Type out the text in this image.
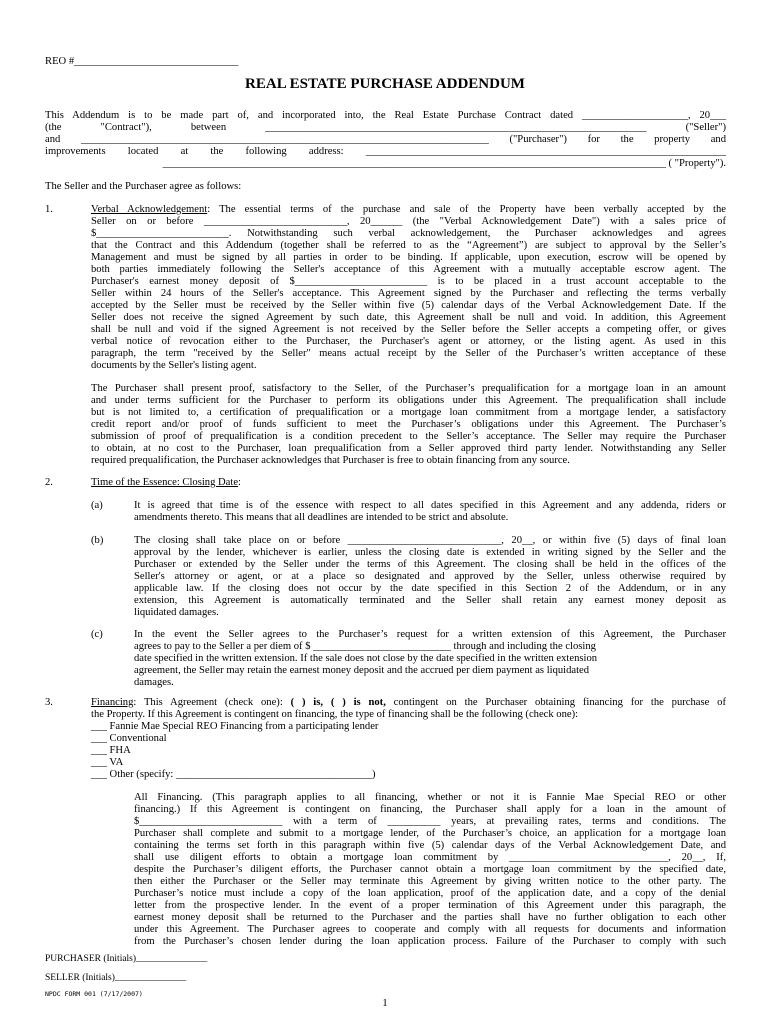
REO #_______________________________
REAL ESTATE PURCHASE ADDENDUM
This Addendum is to be made part of, and incorporated into, the Real Estate Purchase Contract dated ____________________, 20___
(the "Contract"), between ________________________________________________________________________ ("Seller")
and _____________________________________________________________________________ ("Purchaser") for the property and
improvements located at the following address: ____________________________________________________________________
_______________________________________________________________________________________________ ( "Property").
The Seller and the Purchaser agree as follows:
1.	Verbal Acknowledgement: The essential terms of the purchase and sale of the Property have been verbally accepted by the
Seller on or before ___________________________, 20______ (the "Verbal Acknowledgement Date") with a sales price of
$_________________________. Notwithstanding such verbal acknowledgement, the Purchaser acknowledges and agrees
that the Contract and this Addendum (together shall be referred to as the “Agreement”) are subject to approval by the Seller’s
Management and must be signed by all parties in order to be binding. If applicable, upon execution, escrow will be opened by
both parties immediately following the Seller's acceptance of this Agreement with a mutually acceptable escrow agent. The
Purchaser's earnest money deposit of $_________________________ is to be placed in a trust account acceptable to the
Seller within 24 hours of the Seller's acceptance. This Agreement signed by the Purchaser and reflecting the terms verbally
accepted by the Seller must be received by the Seller within five (5) calendar days of the Verbal Acknowledgement Date. If the
Seller does not receive the signed Agreement by such date, this Agreement shall be null and void. In addition, this Agreement
shall be null and void if the signed Agreement is not received by the Seller before the Seller accepts a competing offer, or gives
verbal notice of revocation either to the Purchaser, the Purchaser's agent or attorney, or the listing agent. As used in this
paragraph, the term "received by the Seller" means actual receipt by the Seller of the Purchaser’s written acceptance of these
documents by the Seller's listing agent.
The Purchaser shall present proof, satisfactory to the Seller, of the Purchaser’s prequalification for a mortgage loan in an amount
and under terms sufficient for the Purchaser to perform its obligations under this Agreement. The prequalification shall include
but is not limited to, a certification of prequalification or a mortgage loan commitment from a mortgage lender, a satisfactory
credit report and/or proof of funds sufficient to meet the Purchaser’s obligations under this Agreement. The Purchaser’s
submission of proof of prequalification is a condition precedent to the Seller’s acceptance. The Seller may require the Purchaser
to obtain, at no cost to the Purchaser, loan prequalification from a Seller approved third party lender. Notwithstanding any Seller
required prequalification, the Purchaser acknowledges that Purchaser is free to obtain financing from any source.
2.	Time of the Essence: Closing Date:
(a)	It is agreed that time is of the essence with respect to all dates specified in this Agreement and any addenda, riders or
amendments thereto. This means that all deadlines are intended to be strict and absolute.
(b)	The closing shall take place on or before _____________________________, 20__, or within five (5) days of final loan
approval by the lender, whichever is earlier, unless the closing date is extended in writing signed by the Seller and the
Purchaser or extended by the Seller under the terms of this Agreement. The closing shall be held in the offices of the
Seller's attorney or agent, or at a place so designated and approved by the Seller, unless otherwise required by
applicable law. If the closing does not occur by the date specified in this Section 2 of the Addendum, or in any
extension, this Agreement is automatically terminated and the Seller shall retain any earnest money deposit as
liquidated damages.
(c)	In the event the Seller agrees to the Purchaser’s request for a written extension of this Agreement, the Purchaser
agrees to pay to the Seller a per diem of $ __________________________ through and including the closing
date specified in the written extension. If the sale does not close by the date specified in the written extension
agreement, the Seller may retain the earnest money deposit and the accrued per diem payment as liquidated
damages.
3.	Financing: This Agreement (check one): ( ) is, ( ) is not, contingent on the Purchaser obtaining financing for the purchase of
the Property. If this Agreement is contingent on financing, the type of financing shall be the following (check one):
___ Fannie Mae Special REO Financing from a participating lender
___ Conventional
___ FHA
___ VA
___ Other (specify: _____________________________________)
All Financing. (This paragraph applies to all financing, whether or not it is Fannie Mae Special REO or other
financing.) If this Agreement is contingent on financing, the Purchaser shall apply for a loan in the amount of
$___________________________ with a term of __________ years, at prevailing rates, terms and conditions. The
Purchaser shall complete and submit to a mortgage lender, of the Purchaser’s choice, an application for a mortgage loan
containing the terms set forth in this paragraph within five (5) calendar days of the Verbal Acknowledgement Date, and
shall use diligent efforts to obtain a mortgage loan commitment by ______________________________, 20__, If,
despite the Purchaser’s diligent efforts, the Purchaser cannot obtain a mortgage loan commitment by the specified date,
then either the Purchaser or the Seller may terminate this Agreement by giving written notice to the other party. The
Purchaser’s notice must include a copy of the loan application, proof of the application date, and a copy of the denial
letter from the prospective lender. In the event of a proper termination of this Agreement under this paragraph, the
earnest money deposit shall be returned to the Purchaser and the parties shall have no further obligation to each other
under this Agreement. The Purchaser agrees to cooperate and comply with all requests for documents and information
from the Purchaser’s chosen lender during the loan application process. Failure of the Purchaser to comply with such
PURCHASER (Initials)_______________
SELLER (Initials)_______________
NPDC FORM 001 (7/17/2007)
1
